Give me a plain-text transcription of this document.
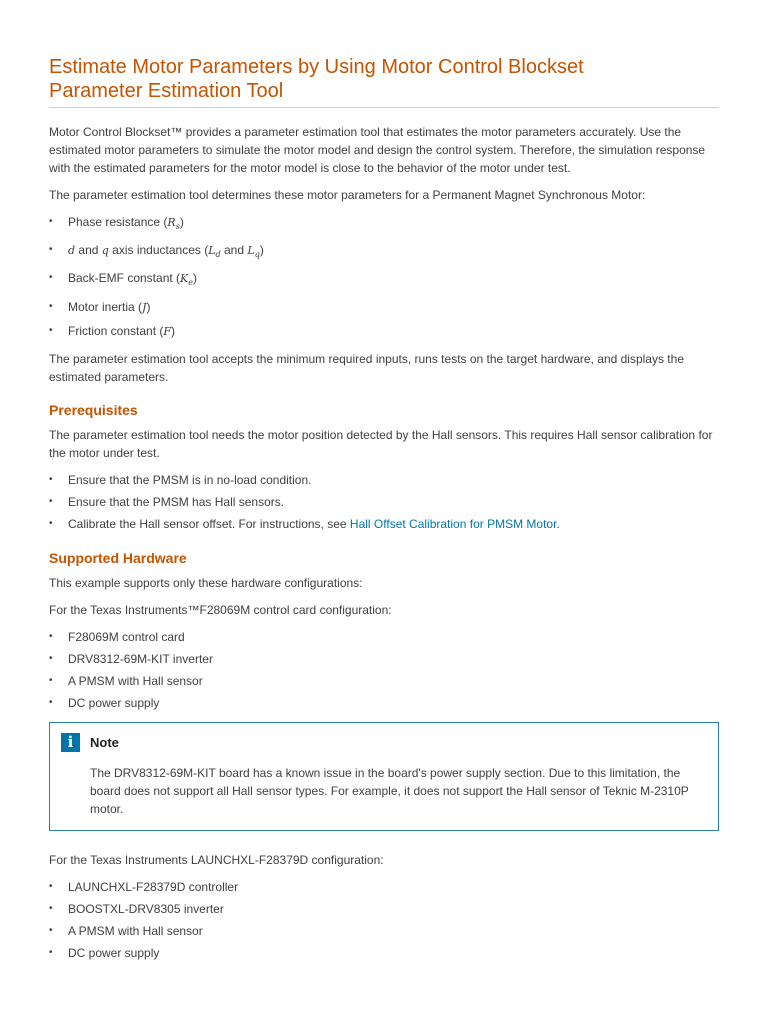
Estimate Motor Parameters by Using Motor Control Blockset
Parameter Estimation Tool

Motor Control Blockset™ provides a parameter estimation tool that estimates the motor parameters accurately. Use the estimated motor parameters to simulate the motor model and design the control system. Therefore, the simulation response with the estimated parameters for the motor model is close to the behavior of the motor under test.

The parameter estimation tool determines these motor parameters for a Permanent Magnet Synchronous Motor:

• Phase resistance $(R_s)$
• d and q axis inductances ($L_d$ and $L_q$)
• Back-EMF constant $(K_e)$
• Motor inertia (J)
• Friction constant (F)

The parameter estimation tool accepts the minimum required inputs, runs tests on the target hardware, and displays the estimated parameters.

Prerequisites

The parameter estimation tool needs the motor position detected by the Hall sensors. This requires Hall sensor calibration for the motor under test.

• Ensure that the PMSM is in no-load condition.
• Ensure that the PMSM has Hall sensors.
• Calibrate the Hall sensor offset. For instructions, see Hall Offset Calibration for PMSM Motor.
Supported Hardware

This example supports only these hardware configurations:

For the Texas Instruments™F28069M control card configuration:

• F28069M control card
• DRV8312-69M-KIT inverter
• A PMSM with Hall sensor
• DC power supply
i	Note

The DRV8312-69M-KIT board has a known issue in the board's power supply section. Due to this limitation, the board does not support all Hall sensor types. For example, it does not support the Hall sensor of Teknic M-2310P motor.

For the Texas Instruments LAUNCHXL-F28379D configuration:

• LAUNCHXL-F28379D controller
• BOOSTXL-DRV8305 inverter
• A PMSM with Hall sensor
• DC power supply
